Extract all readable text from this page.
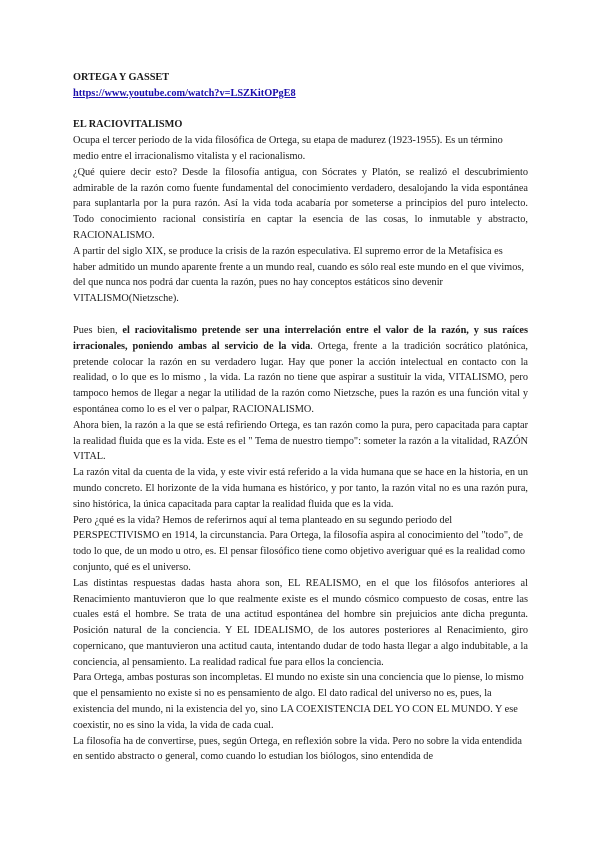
ORTEGA Y GASSET
https://www.youtube.com/watch?v=LSZKitOPgE8
EL RACIOVITALISMO

Ocupa el tercer periodo de la vida filosófica de Ortega, su etapa de madurez (1923-1955). Es un término medio entre el irracionalismo vitalista y el racionalismo.

¿Qué quiere decir esto? Desde la filosofía antigua, con Sócrates y Platón, se realizó el descubrimiento admirable de la razón como fuente fundamental del conocimiento verdadero, desalojando la vida espontánea para suplantarla por la pura razón. Así la vida toda acabaría por someterse a principios del puro intelecto. Todo conocimiento racional consistiría en captar la esencia de las cosas, lo inmutable y abstracto, RACIONALISMO.

A partir del siglo XIX, se produce la crisis de la razón especulativa. El supremo error de la Metafísica es haber admitido un mundo aparente frente a un mundo real, cuando es sólo real este mundo en el que vivimos, del que nunca nos podrá dar cuenta la razón, pues no hay conceptos estáticos sino devenir VITALISMO(Nietzsche).

Pues bien, el raciovitalismo pretende ser una interrelación entre el valor de la razón, y sus raíces irracionales, poniendo ambas al servicio de la vida. Ortega, frente a la tradición socrático platónica, pretende colocar la razón en su verdadero lugar. Hay que poner la acción intelectual en contacto con la realidad, o lo que es lo mismo , la vida. La razón no tiene que aspirar a sustituir la vida, VITALISMO, pero tampoco hemos de llegar a negar la utilidad de la razón como Nietzsche, pues la razón es una función vital y espontánea como lo es el ver o palpar, RACIONALISMO.

Ahora bien, la razón a la que se está refiriendo Ortega, es tan razón como la pura, pero capacitada para captar la realidad fluida que es la vida. Este es el " Tema de nuestro tiempo": someter la razón a la vitalidad, RAZÓN VITAL.

La razón vital da cuenta de la vida, y este vivir está referido a la vida humana que se hace en la historia, en un mundo concreto. El horizonte de la vida humana es histórico, y por tanto, la razón vital no es una razón pura, sino histórica, la única capacitada para captar la realidad fluida que es la vida.

Pero ¿qué es la vida? Hemos de referirnos aquí al tema planteado en su segundo periodo del PERSPECTIVISMO en 1914, la circunstancia. Para Ortega, la filosofía aspira al conocimiento del "todo", de todo lo que, de un modo u otro, es. El pensar filosófico tiene como objetivo averiguar qué es la realidad como conjunto, qué es el universo.

Las distintas respuestas dadas hasta ahora son, EL REALISMO, en el que los filósofos anteriores al Renacimiento mantuvieron que lo que realmente existe es el mundo cósmico compuesto de cosas, entre las cuales está el hombre. Se trata de una actitud espontánea del hombre sin prejuicios ante dicha pregunta. Posición natural de la conciencia. Y EL IDEALISMO, de los autores posteriores al Renacimiento, giro copernicano, que mantuvieron una actitud cauta, intentando dudar de todo hasta llegar a algo indubitable, a la conciencia, al pensamiento. La realidad radical fue para ellos la conciencia.

Para Ortega, ambas posturas son incompletas. El mundo no existe sin una conciencia que lo piense, lo mismo que el pensamiento no existe si no es pensamiento de algo. El dato radical del universo no es, pues, la existencia del mundo, ni la existencia del yo, sino LA COEXISTENCIA DEL YO CON EL MUNDO. Y ese coexistir, no es sino la vida, la vida de cada cual.

La filosofía ha de convertirse, pues, según Ortega, en reflexión sobre la vida. Pero no sobre la vida entendida en sentido abstracto o general, como cuando lo estudian los biólogos, sino entendida de
